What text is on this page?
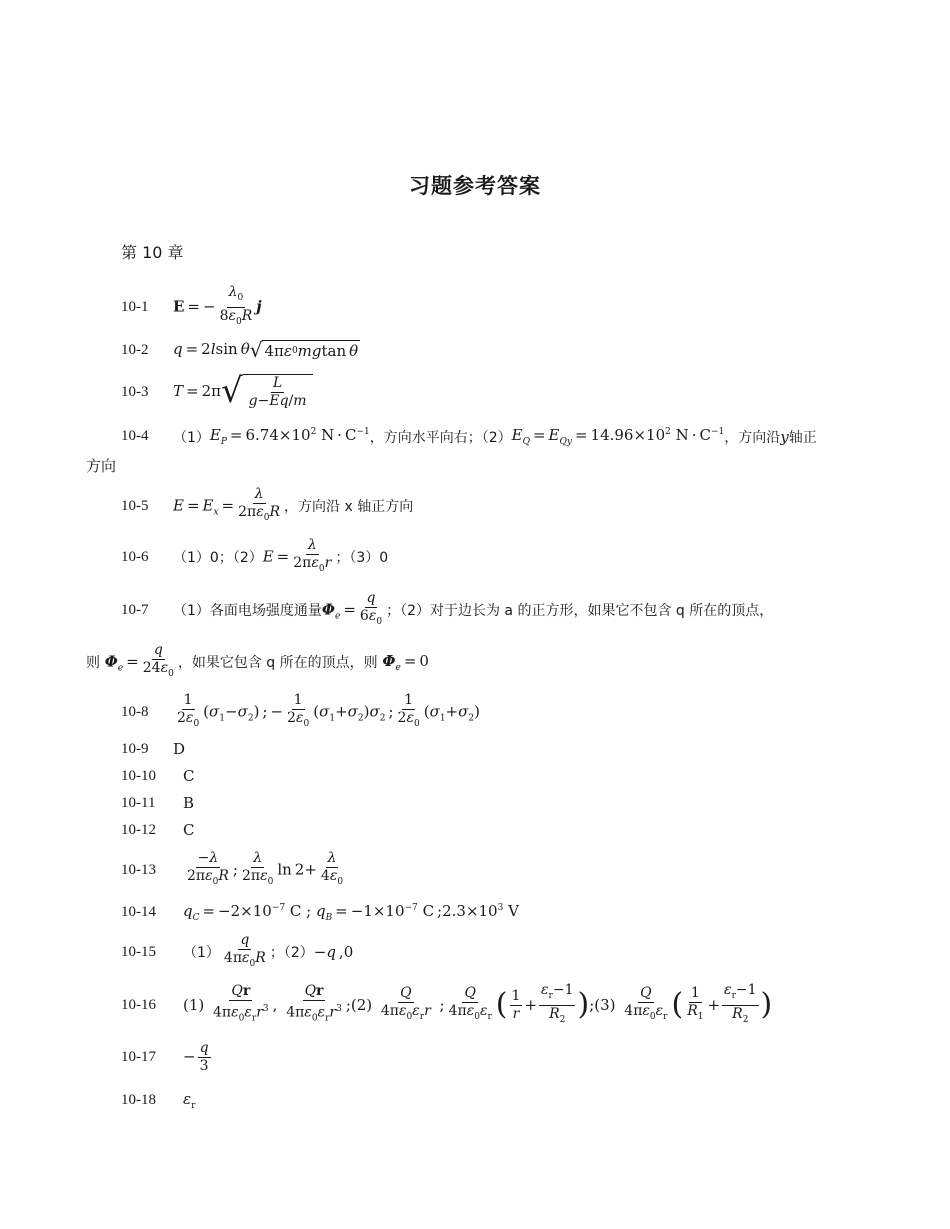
习题参考答案
第 10 章
10-1	E = − $\frac{\lambda_0}{8\varepsilon_0R}$ j
10-2	q = 2lsin θ √ 4π ε 0 mg tan  θ
10-3	T = 2π √ $\frac{L}{g-Eq/m}$
10-4	（1） $E_P = 6.74\times 10^2$ $N \cdot C^{-1}$ ，方向水平向右；（2） $E_Q = E_{Qy} = 14.96\times 10^2$ $N \cdot C^{-1}$ ，方向沿 y 轴正
方向
10-5	$E = E_x = \frac{\lambda}{2\pi\varepsilon_0R}$ ，方向沿 x 轴正方向
10-6	（1）0；（2） $E = \frac{\lambda}{2\pi\varepsilon_0r}$ ；（3）0
10-7	（1）各面电场强度通量 $\Phi_e = \frac{q}{6\varepsilon_0}$ ；（2）对于边长为 a 的正方形，如果它不包含 q 所在的顶点，
则
$\Phi_e = \frac{q}{24\varepsilon_0}$ ，如果它包含 q 所在的顶点，则
$\Phi_e = 0$
10-8	$\frac{1}{2\varepsilon_0} (\sigma_1-\sigma_2)$ ; − $\frac{1}{2\varepsilon_0} (\sigma_1+\sigma_2)\sigma_2$ ; $\frac{1}{2\varepsilon_0} (\sigma_1+\sigma_2)$
10-9	D
10-10	C
10-11	B
10-12	C
10-13	$\frac{-\lambda}{2\pi\varepsilon_0R}$ ; $\frac{\lambda}{2\pi\varepsilon_0}$ $\ln 2+ \frac{\lambda}{4\varepsilon_0}$
10-14	$q_C = -2\times 10^{-7}$ C ; $q_B = -1\times 10^{-7}$ C $;2.3\times 10^3$ V
10-15	$(1) \frac{q}{4\pi\varepsilon_0R}$ ；（2） −q ,0
10-16	$(1) \frac{Qr}{4\pi\varepsilon_0\varepsilon_rr^3}$ , $\frac{Qr}{4\pi\varepsilon_0\varepsilon_rr^3}$ ;(2) $\frac{Q}{4\pi\varepsilon_0\varepsilon_rr}$ ; $\frac{Q}{4\pi\varepsilon_0\varepsilon_r}$ ( $\frac{1}{r} + \frac{\varepsilon_r-1}{R_2}$ ) ;(3) $\frac{Q}{4\pi\varepsilon_0\varepsilon_r}$ ( $\frac{1}{R_1} + \frac{\varepsilon_r-1}{R_2}$ )
10-17	− $\frac{q}{3}$
10-18	$\varepsilon_r$
